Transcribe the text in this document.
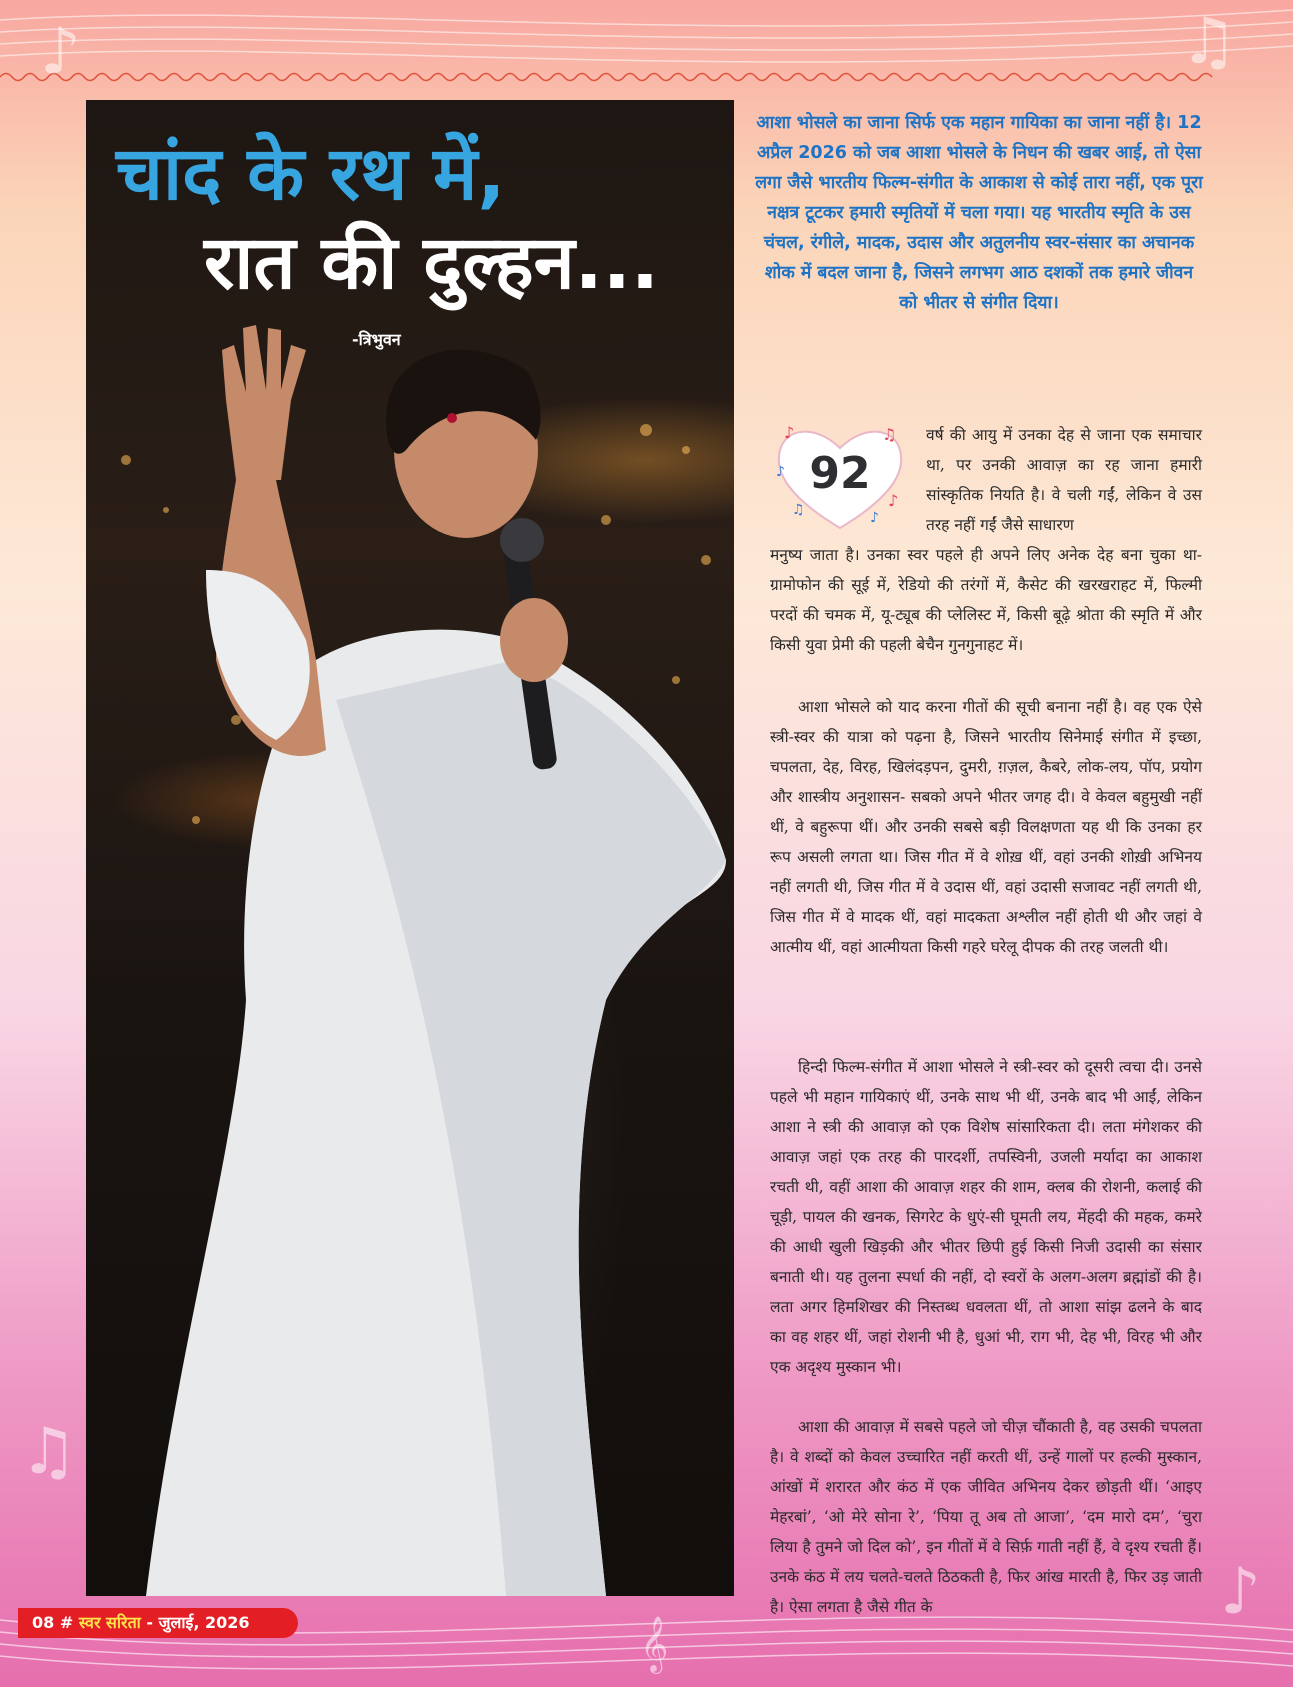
♪	♫
♫
♪
𝄞
चांद के रथ में,
रात की दुल्हन...
-त्रिभुवन
आशा भोसले का जाना सिर्फ एक महान गायिका का जाना नहीं है। 12 अप्रैल 2026 को जब आशा भोसले के निधन की खबर आई, तो ऐसा लगा जैसे भारतीय फिल्म-संगीत के आकाश से कोई तारा नहीं, एक पूरा नक्षत्र टूटकर हमारी स्मृतियों में चला गया। यह भारतीय स्मृति के उस चंचल, रंगीले, मादक, उदास और अतुलनीय स्वर-संसार का अचानक शोक में बदल जाना है, जिसने लगभग आठ दशकों तक हमारे जीवन को भीतर से संगीत दिया।
♪	♫
♪
♫	♪
♪ 92

वर्ष की आयु में उनका देह से जाना एक समाचार था, पर उनकी आवाज़ का रह जाना हमारी सांस्कृतिक नियति है। वे चली गईं, लेकिन वे उस तरह नहीं गईं जैसे साधारण

मनुष्य जाता है। उनका स्वर पहले ही अपने लिए अनेक देह बना चुका था- ग्रामोफोन की सूई में, रेडियो की तरंगों में, कैसेट की खरखराहट में, फिल्मी परदों की चमक में, यू-ट्यूब की प्लेलिस्ट में, किसी बूढ़े श्रोता की स्मृति में और किसी युवा प्रेमी की पहली बेचैन गुनगुनाहट में।

आशा भोसले को याद करना गीतों की सूची बनाना नहीं है। वह एक ऐसे स्त्री-स्वर की यात्रा को पढ़ना है, जिसने भारतीय सिनेमाई संगीत में इच्छा, चपलता, देह, विरह, खिलंदड़पन, दुमरी, ग़ज़ल, कैबरे, लोक-लय, पॉप, प्रयोग और शास्त्रीय अनुशासन- सबको अपने भीतर जगह दी। वे केवल बहुमुखी नहीं थीं, वे बहुरूपा थीं। और उनकी सबसे बड़ी विलक्षणता यह थी कि उनका हर रूप असली लगता था। जिस गीत में वे शोख़ थीं, वहां उनकी शोख़ी अभिनय नहीं लगती थी, जिस गीत में वे उदास थीं, वहां उदासी सजावट नहीं लगती थी, जिस गीत में वे मादक थीं, वहां मादकता अश्लील नहीं होती थी और जहां वे आत्मीय थीं, वहां आत्मीयता किसी गहरे घरेलू दीपक की तरह जलती थी।

हिन्दी फिल्म-संगीत में आशा भोसले ने स्त्री-स्वर को दूसरी त्वचा दी। उनसे पहले भी महान गायिकाएं थीं, उनके साथ भी थीं, उनके बाद भी आईं, लेकिन आशा ने स्त्री की आवाज़ को एक विशेष सांसारिकता दी। लता मंगेशकर की आवाज़ जहां एक तरह की पारदर्शी, तपस्विनी, उजली मर्यादा का आकाश रचती थी, वहीं आशा की आवाज़ शहर की शाम, क्लब की रोशनी, कलाई की चूड़ी, पायल की खनक, सिगरेट के धुएं-सी घूमती लय, मेंहदी की महक, कमरे की आधी खुली खिड़की और भीतर छिपी हुई किसी निजी उदासी का संसार बनाती थी। यह तुलना स्पर्धा की नहीं, दो स्वरों के अलग-अलग ब्रह्मांडों की है। लता अगर हिमशिखर की निस्तब्ध धवलता थीं, तो आशा सांझ ढलने के बाद का वह शहर थीं, जहां रोशनी भी है, धुआं भी, राग भी, देह भी, विरह भी और एक अदृश्य मुस्कान भी।

आशा की आवाज़ में सबसे पहले जो चीज़ चौंकाती है, वह उसकी चपलता है। वे शब्दों को केवल उच्चारित नहीं करती थीं, उन्हें गालों पर हल्की मुस्कान, आंखों में शरारत और कंठ में एक जीवित अभिनय देकर छोड़ती थीं। ‘आइए मेहरबां’, ‘ओ मेरे सोना रे’, ‘पिया तू अब तो आजा’, ‘दम मारो दम’, ‘चुरा लिया है तुमने जो दिल को’, इन गीतों में वे सिर्फ़ गाती नहीं हैं, वे दृश्य रचती हैं। उनके कंठ में लय चलते-चलते ठिठकती है, फिर आंख मारती है, फिर उड़ जाती है। ऐसा लगता है जैसे गीत के

08 # स्वर सरिता - जुलाई, 2026
